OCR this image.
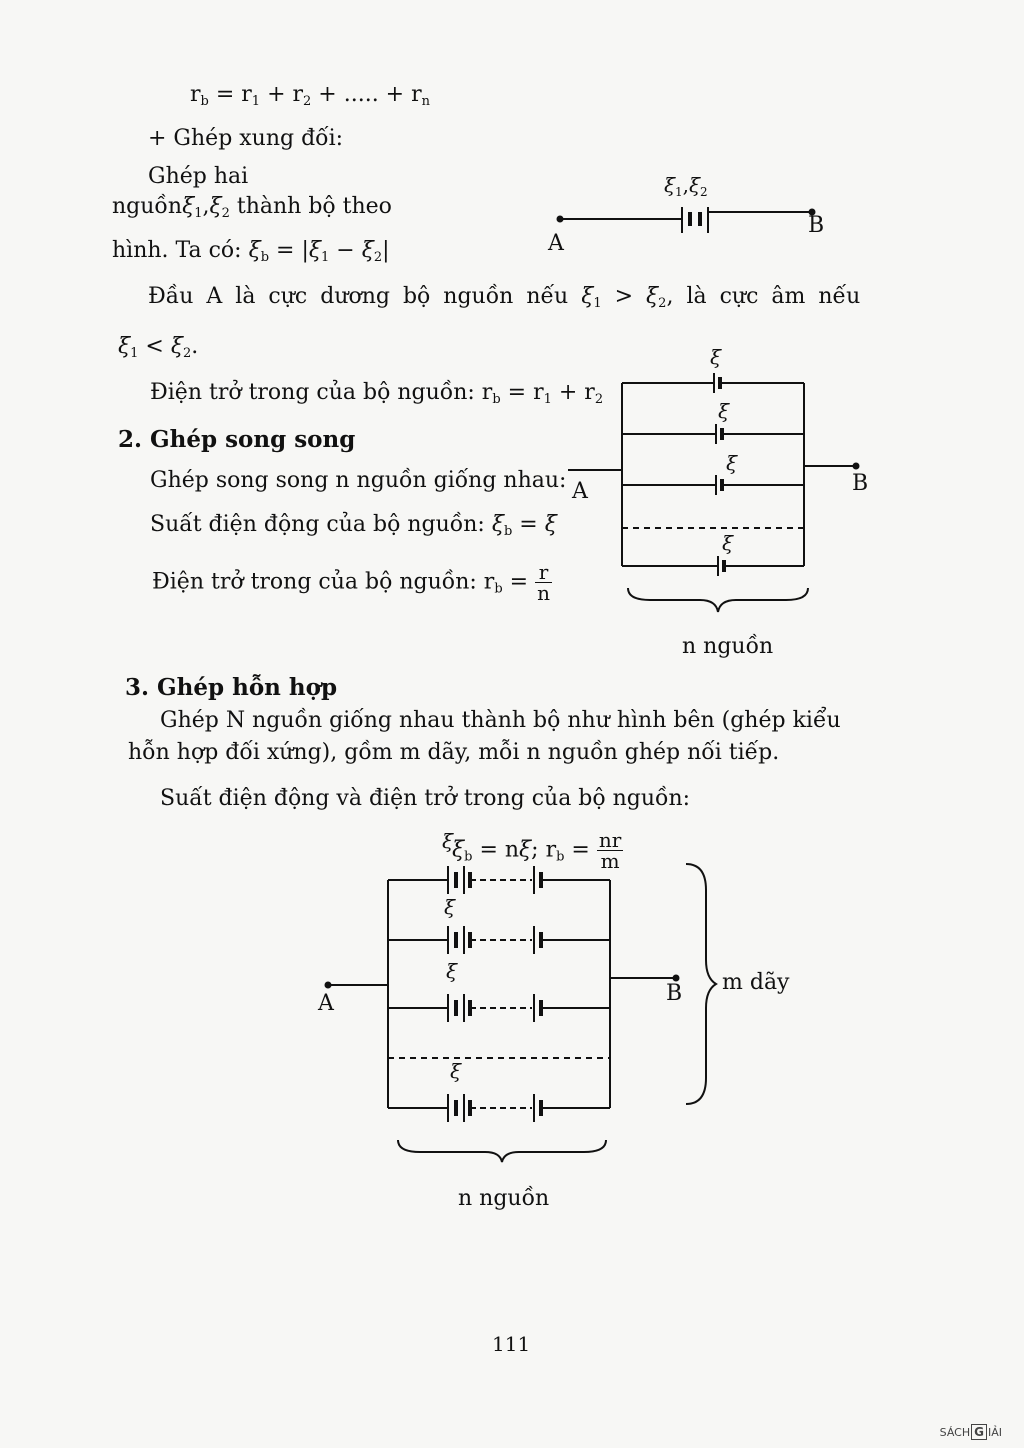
$r_b = r_1 + r_2$ + ..... + $r_n$
+ Ghép xung đối:
Ghép hai
$nguồn\xi_1,\xi_2$ thành bộ theo
hình. Ta có: $\xi_b = |\xi_1 - \xi_2|$
Đầu A là cực dương bộ nguồn nếu $\xi_1 > \xi_2$, là cực âm nếu
$\xi_1 < \xi_2$.
Điện trở trong của bộ nguồn: $r_b = r_1 + r_2$
2. Ghép song song
Ghép song song n nguồn giống nhau:
Suất điện động của bộ nguồn: $\xi_b = \xi$
Điện trở trong của bộ nguồn: $r_b = \frac{r}{n}$
n nguồn
3. Ghép hỗn hợp
Ghép N nguồn giống nhau thành bộ như hình bên (ghép kiểu
hỗn hợp đối xứng), gồm m dãy, mỗi n nguồn ghép nối tiếp.
Suất điện động và điện trở trong của bộ nguồn:
$\xi_b = n\xi$; $r_b = \frac{nr}{m}$
n nguồn
m dãy
111
SÁCH G IẢI
A
B
A	B
A	B
$\xi_1,\xi_2$
ξ
ξ
ξ
ξ
ξ
ξ
ξ
ξ
